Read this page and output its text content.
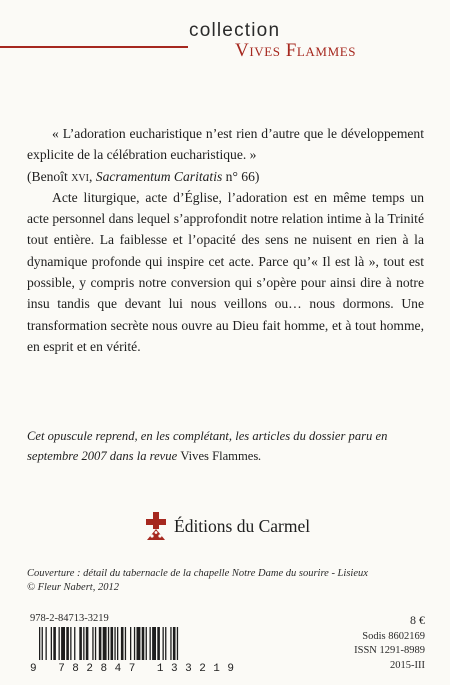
collection
Vives Flammes

« L’adoration eucharistique n’est rien d’autre que le développement explicite de la célébration eucharistique. »

(Benoît xvi, Sacramentum Caritatis n° 66)

Acte liturgique, acte d’Église, l’adoration est en même temps un acte personnel dans lequel s’approfondit notre relation intime à la Trinité tout entière. La faiblesse et l’opacité des sens ne nuisent en rien à la dynamique profonde qui inspire cet acte. Parce qu’« Il est là », tout est possible, y compris notre conversion qui s’opère pour ainsi dire à notre insu tandis que devant lui nous veillons ou… nous dormons. Une transformation secrète nous ouvre au Dieu fait homme, et à tout homme, en esprit et en vérité.

Cet opuscule reprend, en les complétant, les articles du dossier paru en septembre 2007 dans la revue Vives Flammes.
Éditions du Carmel
Couverture : détail du tabernacle de la chapelle Notre Dame du sourire - Lisieux
© Fleur Nabert, 2012
978-2-84713-3219
9 782847 133219
8 €
Sodis 8602169
ISSN 1291-8989
2015-III
